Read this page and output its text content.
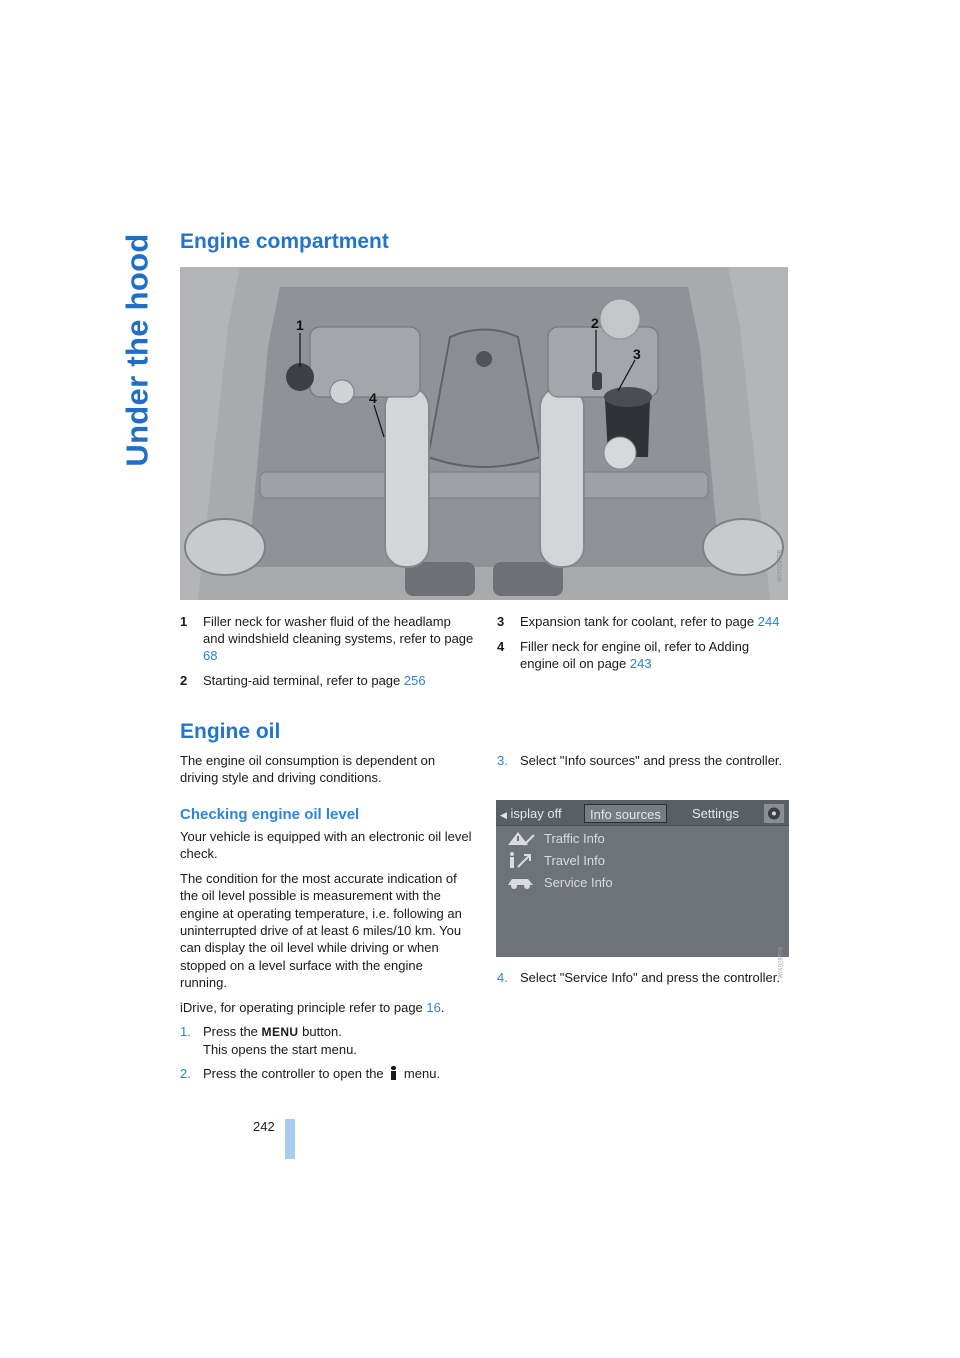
Under the hood Engine compartment
1	2
3
4
W/X0287F6
1	Filler neck for washer fluid of the headlamp and windshield cleaning systems, refer to page 68
2	Starting-aid terminal, refer to page 256
3	Expansion tank for coolant, refer to page 244
4	Filler neck for engine oil, refer to Adding engine oil on page 243
Engine oil

The engine oil consumption is dependent on driving style and driving conditions.

Checking engine oil level

Your vehicle is equipped with an electronic oil level check.

The condition for the most accurate indication of the oil level possible is measurement with the engine at operating temperature, i.e. following an uninterrupted drive of at least 6 miles/10 km. You can display the oil level while driving or when stopped on a level surface with the engine running.

iDrive, for operating principle refer to page 16.

1. Press the MENU button.
This opens the start menu.
2. Press the controller to open the menu.
3. Select "Info sources" and press the controller.
◀ isplay off	Info sources	Settings
Traffic Info
Travel Info
Service Info
W/X0287F9
4. Select "Service Info" and press the controller.
242
